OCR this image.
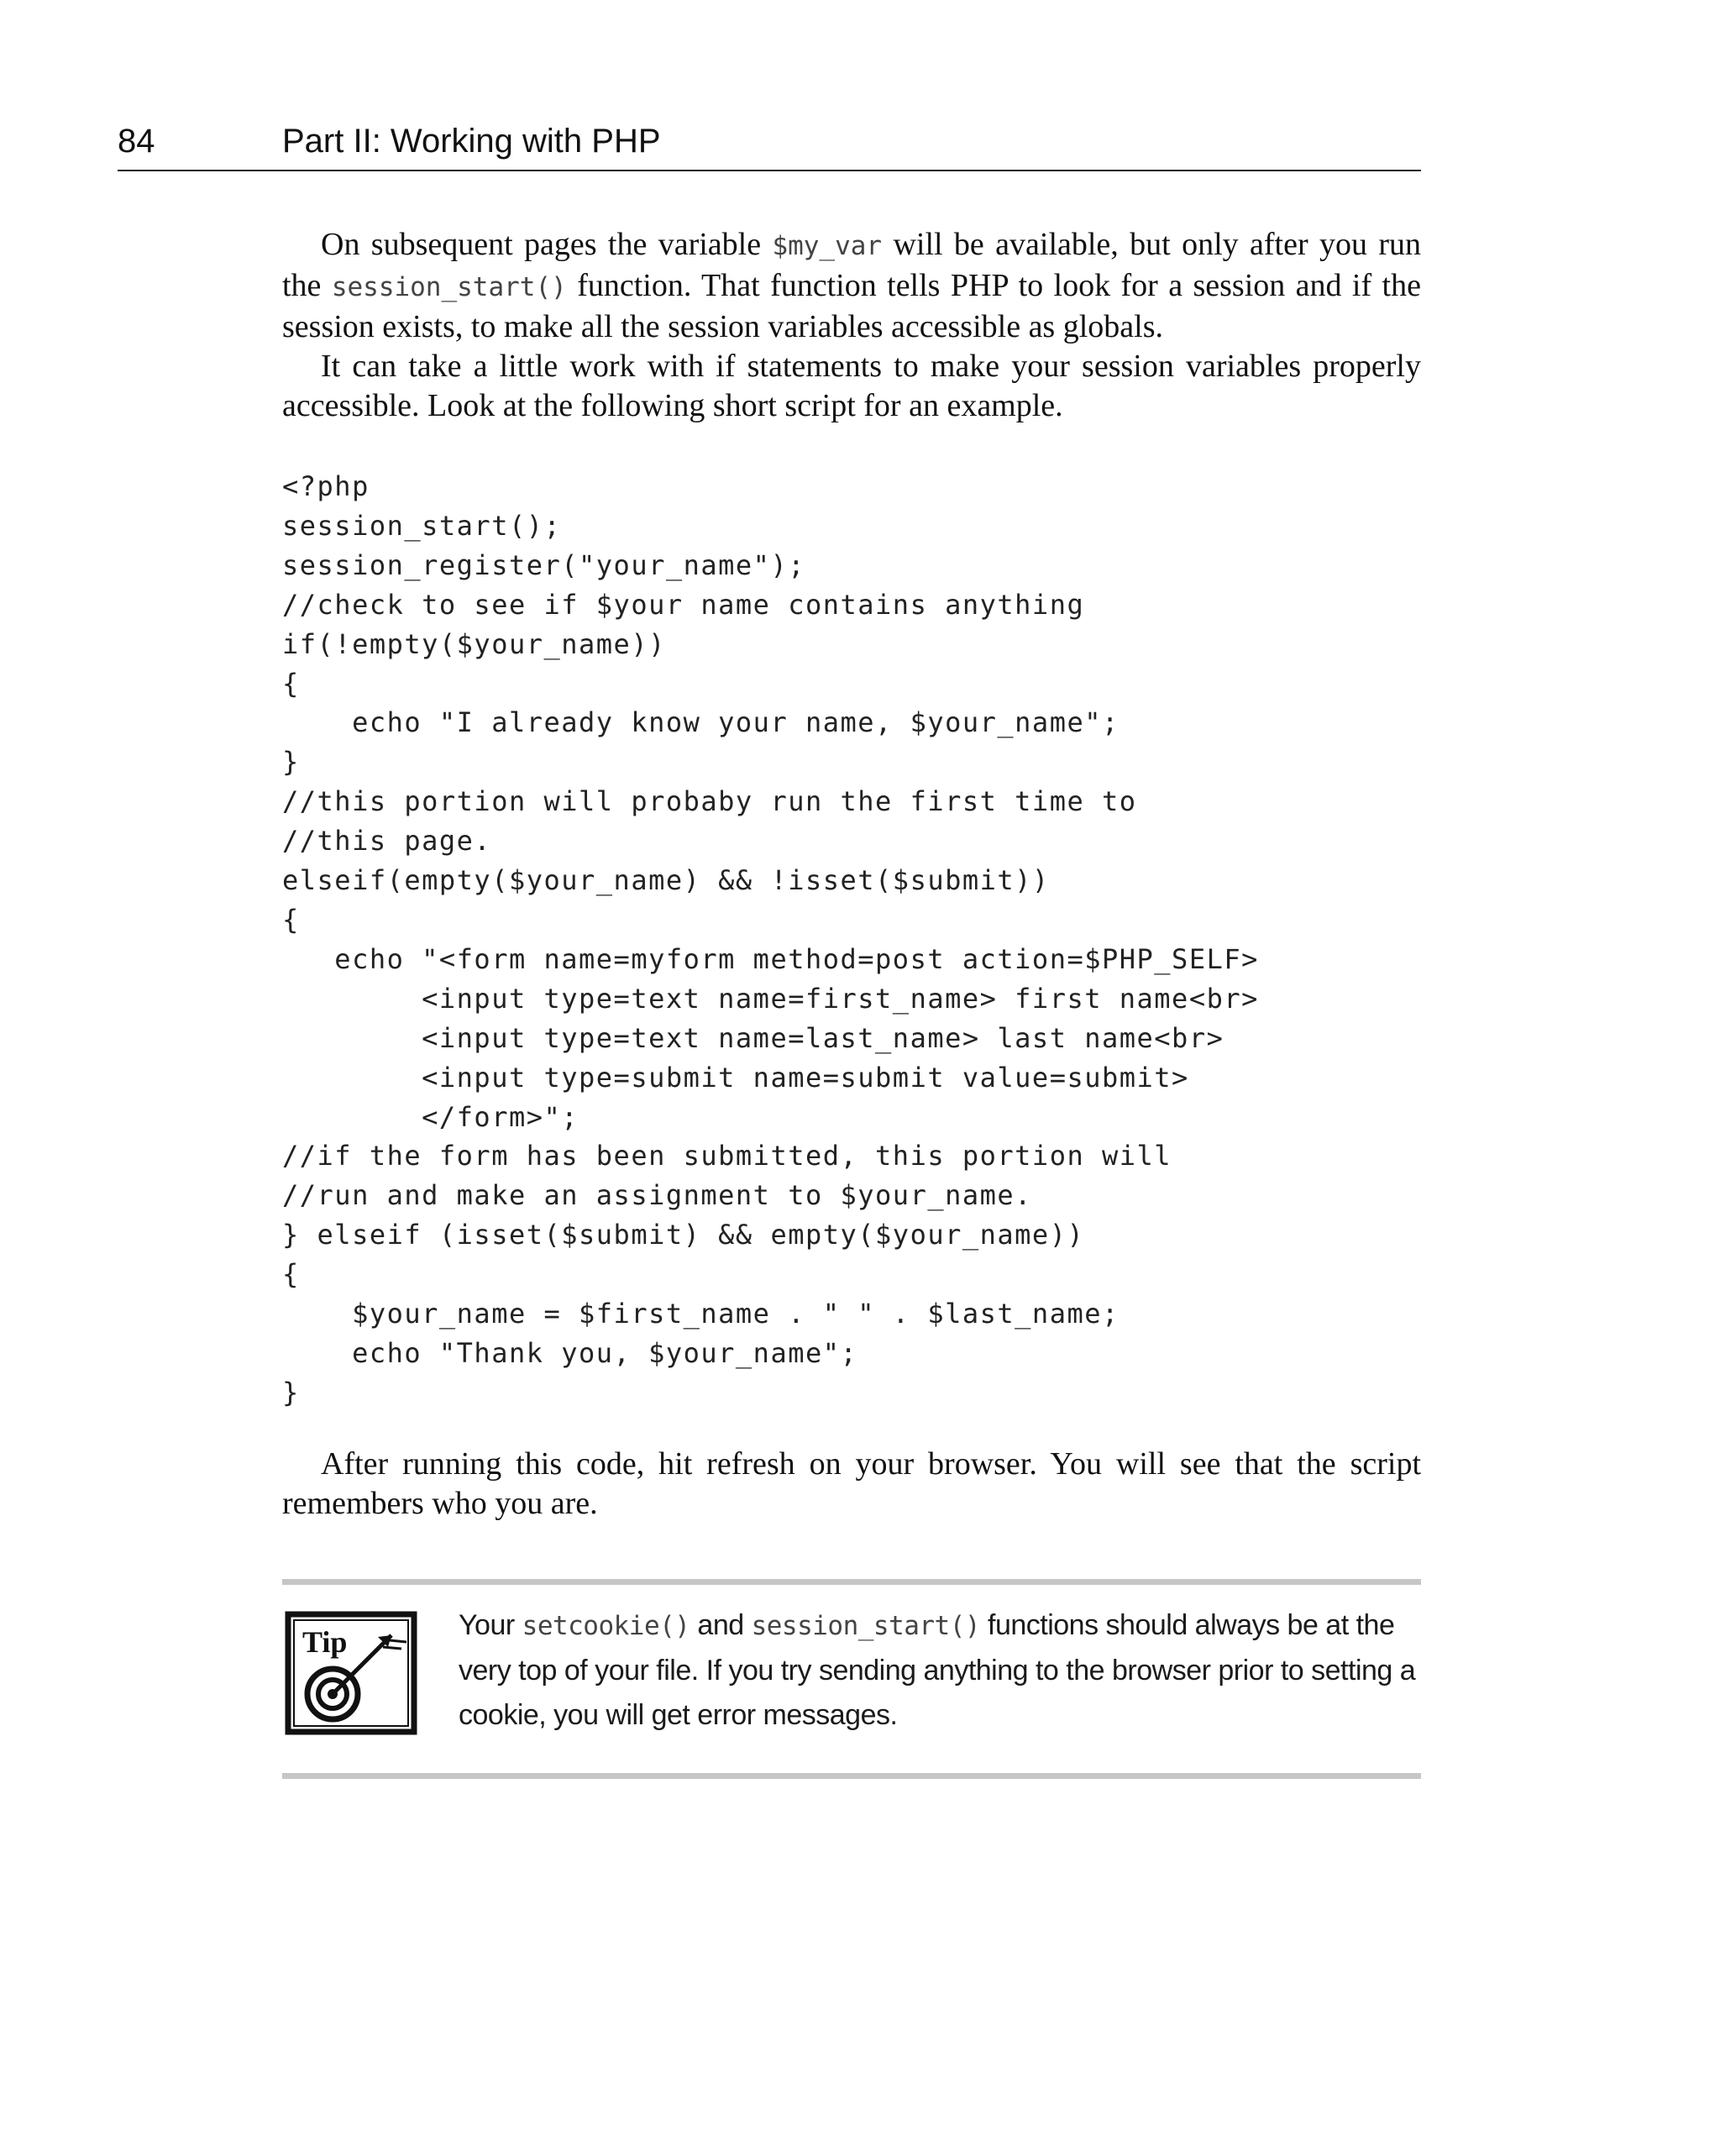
84	Part II: Working with PHP

On subsequent pages the variable $my_var will be available, but only after you run the session_start() function. That function tells PHP to look for a session and if the session exists, to make all the session variables accessible as globals.

It can take a little work with if statements to make your session variables properly accessible. Look at the following short script for an example.

<?php
session_start();
session_register("your_name");
//check to see if $your name contains anything
if(!empty($your_name))
{
echo "I already know your name, $your_name";
}
//this portion will probaby run the first time to
//this page.
elseif(empty($your_name) && !isset($submit))
{
echo "<form name=myform method=post action=$PHP_SELF>
<input type=text name=first_name> first name<br>
<input type=text name=last_name> last name<br>
<input type=submit name=submit value=submit>
</form>";
//if the form has been submitted, this portion will
//run and make an assignment to $your_name.
} elseif (isset($submit) && empty($your_name))
{
$your_name = $first_name . " " . $last_name;
echo "Thank you, $your_name";
}

After running this code, hit refresh on your browser. You will see that the script remembers who you are.

Tip	Your setcookie() and session_start() functions should always be at the very top of your file. If you try sending anything to the browser prior to setting a cookie, you will get error messages.
